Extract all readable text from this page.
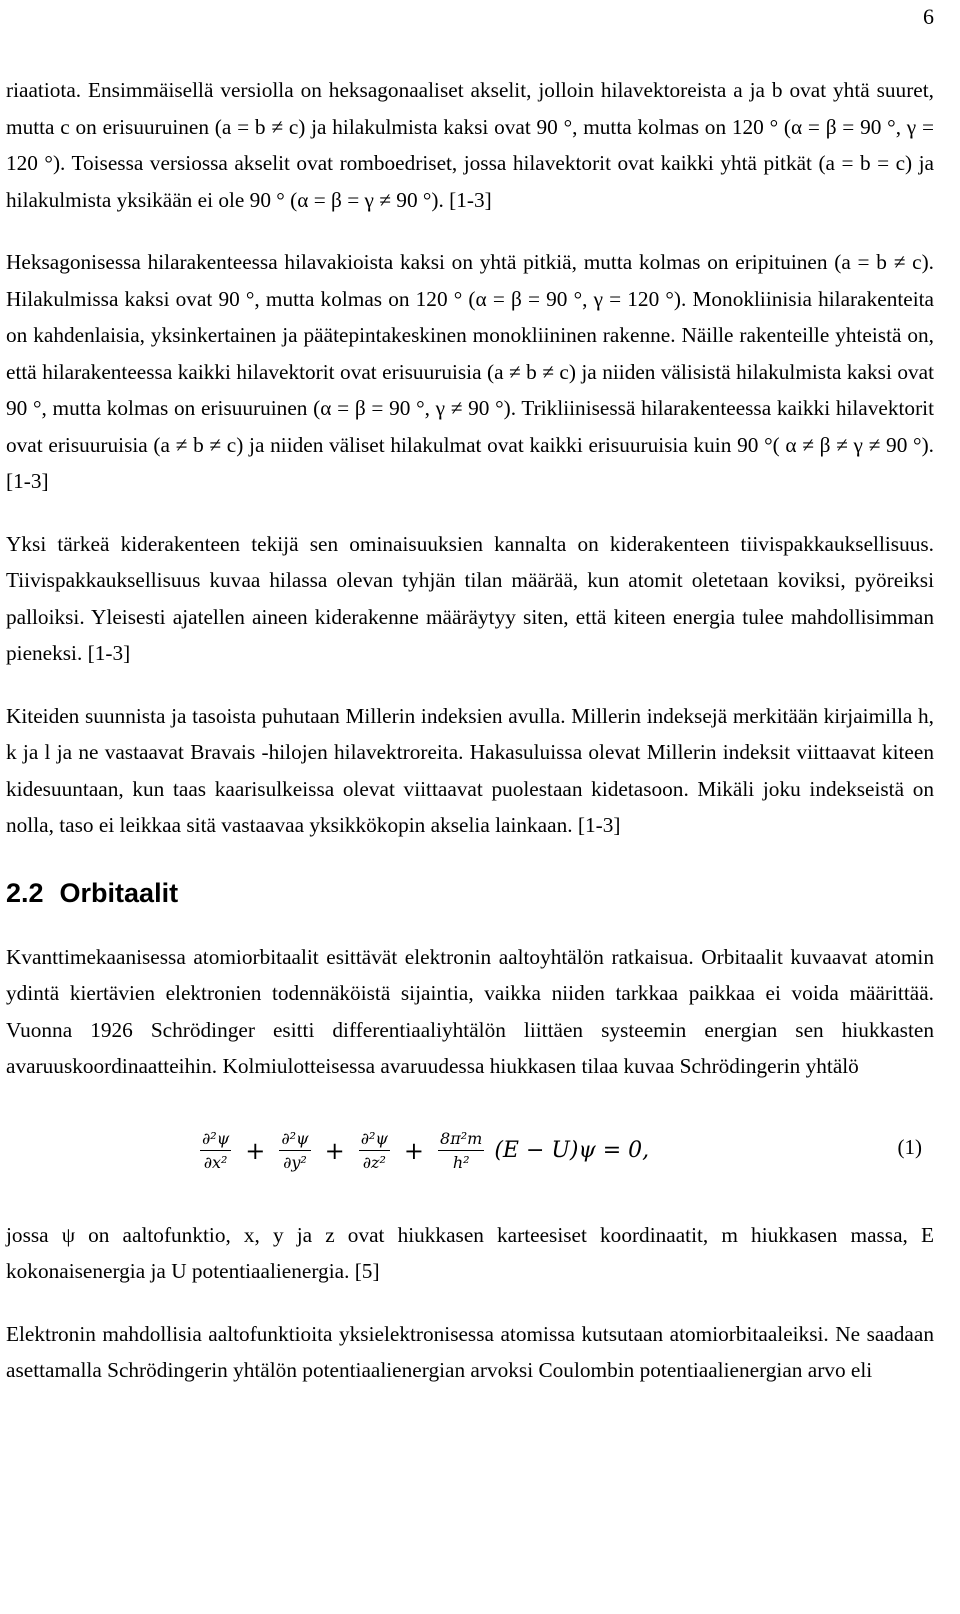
6

riaatiota. Ensimmäisellä versiolla on heksagonaaliset akselit, jolloin hilavektoreista a ja b ovat yhtä suuret, mutta c on erisuuruinen (a = b ≠ c) ja hilakulmista kaksi ovat 90 °, mutta kolmas on 120 ° (α = β = 90 °, γ = 120 °). Toisessa versiossa akselit ovat romboedriset, jossa hilavektorit ovat kaikki yhtä pitkät (a = b = c) ja hilakulmista yksikään ei ole 90 ° (α = β = γ ≠ 90 °). [1-3]

Heksagonisessa hilarakenteessa hilavakioista kaksi on yhtä pitkiä, mutta kolmas on eripituinen (a = b ≠ c). Hilakulmissa kaksi ovat 90 °, mutta kolmas on 120 ° (α = β = 90 °, γ = 120 °). Monokliinisia hilarakenteita on kahdenlaisia, yksinkertainen ja päätepintakeskinen monokliininen rakenne. Näille rakenteille yhteistä on, että hilarakenteessa kaikki hilavektorit ovat erisuuruisia (a ≠ b ≠ c) ja niiden välisistä hilakulmista kaksi ovat 90 °, mutta kolmas on erisuuruinen (α = β = 90 °, γ ≠ 90 °). Trikliinisessä hilarakenteessa kaikki hilavektorit ovat erisuuruisia (a ≠ b ≠ c) ja niiden väliset hilakulmat ovat kaikki erisuuruisia kuin 90 °( α ≠ β ≠ γ ≠ 90 °). [1-3]

Yksi tärkeä kiderakenteen tekijä sen ominaisuuksien kannalta on kiderakenteen tiivispakkauksellisuus. Tiivispakkauksellisuus kuvaa hilassa olevan tyhjän tilan määrää, kun atomit oletetaan koviksi, pyöreiksi palloiksi. Yleisesti ajatellen aineen kiderakenne määräytyy siten, että kiteen energia tulee mahdollisimman pieneksi. [1-3]

Kiteiden suunnista ja tasoista puhutaan Millerin indeksien avulla. Millerin indeksejä merkitään kirjaimilla h, k ja l ja ne vastaavat Bravais -hilojen hilavektroreita. Hakasuluissa olevat Millerin indeksit viittaavat kiteen kidesuuntaan, kun taas kaarisulkeissa olevat viittaavat puolestaan kidetasoon. Mikäli joku indekseistä on nolla, taso ei leikkaa sitä vastaavaa yksikkökopin akselia lainkaan. [1-3]

2.2 Orbitaalit

Kvanttimekaanisessa atomiorbitaalit esittävät elektronin aaltoyhtälön ratkaisua. Orbitaalit kuvaavat atomin ydintä kiertävien elektronien todennäköistä sijaintia, vaikka niiden tarkkaa paikkaa ei voida määrittää. Vuonna 1926 Schrödinger esitti differentiaaliyhtälön liittäen systeemin energian sen hiukkasten avaruuskoordinaatteihin. Kolmiulotteisessa avaruudessa hiukkasen tilaa kuvaa Schrödingerin yhtälö

$\frac{\text{∂²ψ}}{\text{∂x²}} + \frac{\text{∂²ψ}}{\text{∂y²}} + \frac{\text{∂²ψ}}{\text{∂z²}} + \frac{\text{8π²m}}{\text{h²}} (E - U)\psi = 0$,	(1)

jossa ψ on aaltofunktio, x, y ja z ovat hiukkasen karteesiset koordinaatit, m hiukkasen massa, E kokonaisenergia ja U potentiaalienergia. [5]

Elektronin mahdollisia aaltofunktioita yksielektronisessa atomissa kutsutaan atomiorbitaaleiksi. Ne saadaan asettamalla Schrödingerin yhtälön potentiaalienergian arvoksi Coulombin potentiaalienergian arvo eli
